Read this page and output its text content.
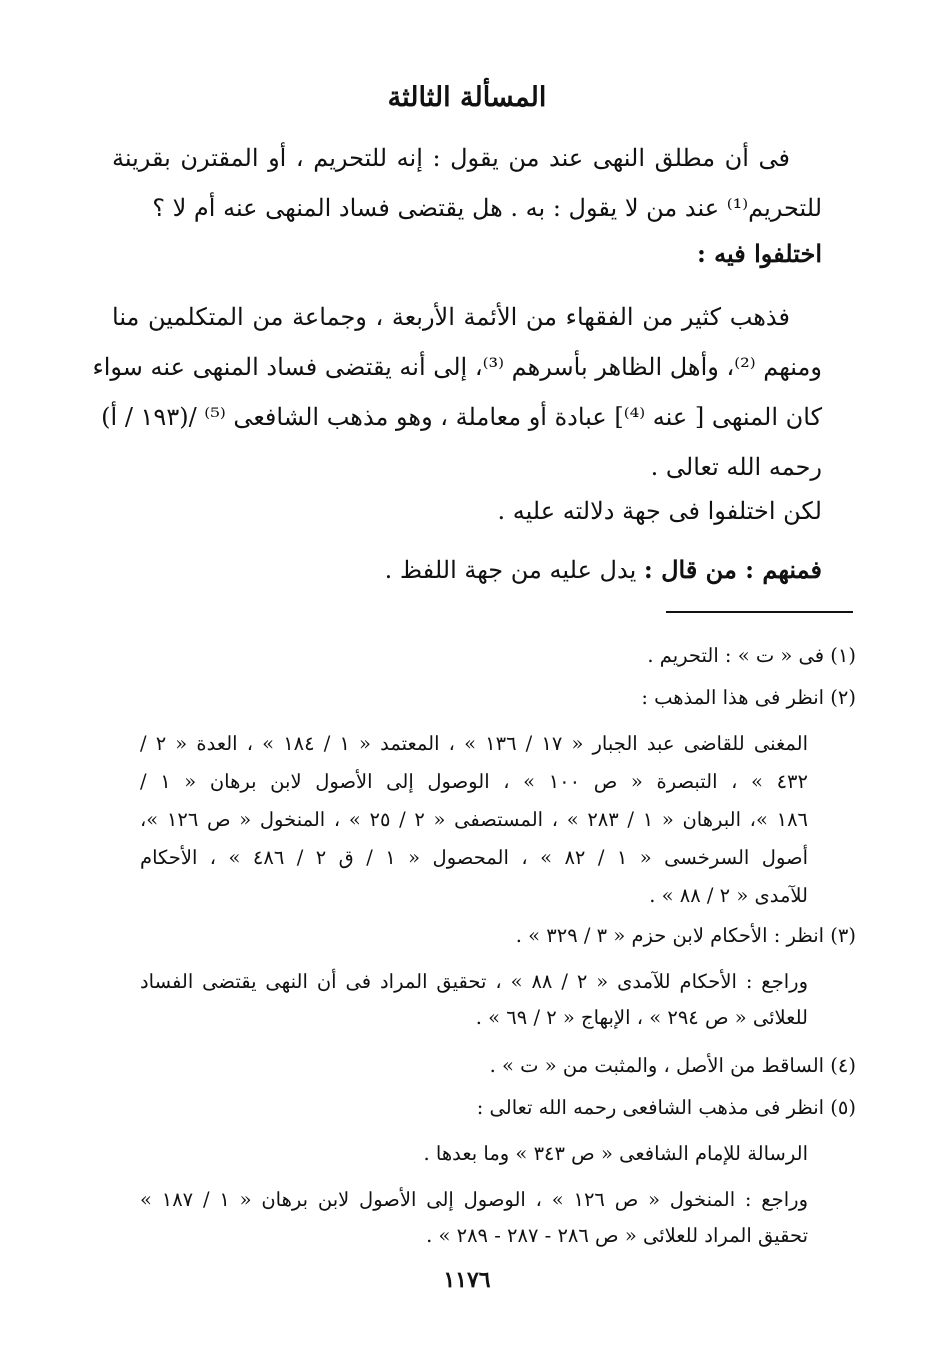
المسألة الثالثة
فى أن مطلق النهى عند من يقول : إنه للتحريم ، أو المقترن بقرينة
للتحريم⁽¹⁾ عند من لا يقول : به . هل يقتضى فساد المنهى عنه أم لا ؟
اختلفوا فيه :
فذهب كثير من الفقهاء من الأئمة الأربعة ، وجماعة من المتكلمين منا
ومنهم ⁽²⁾، وأهل الظاهر بأسرهم ⁽³⁾، إلى أنه يقتضى فساد المنهى عنه سواء
كان المنهى [ عنه ⁽⁴⁾] عبادة أو معاملة ، وهو مذهب الشافعى ⁽⁵⁾ /(١٩٣ / أ)
رحمه الله تعالى .
لكن اختلفوا فى جهة دلالته عليه .
فمنهم : من قال : يدل عليه من جهة اللفظ .
(١) فى « ت » : التحريم .
(٢) انظر فى هذا المذهب :
المغنى للقاضى عبد الجبار « ١٧ / ١٣٦ » ، المعتمد « ١ / ١٨٤ » ، العدة « ٢ /
٤٣٢ » ، التبصرة « ص ١٠٠ » ، الوصول إلى الأصول لابن برهان « ١ /
١٨٦ »، البرهان « ١ / ٢٨٣ » ، المستصفى « ٢ / ٢٥ » ، المنخول « ص ١٢٦ »،
أصول السرخسى « ١ / ٨٢ » ، المحصول « ١ / ق ٢ / ٤٨٦ » ، الأحكام
للآمدى « ٢ / ٨٨ » .
(٣) انظر : الأحكام لابن حزم « ٣ / ٣٢٩ » .
وراجع : الأحكام للآمدى « ٢ / ٨٨ » ، تحقيق المراد فى أن النهى يقتضى الفساد
للعلائى « ص ٢٩٤ » ، الإبهاج « ٢ / ٦٩ » .
(٤) الساقط من الأصل ، والمثبت من « ت » .
(٥) انظر فى مذهب الشافعى رحمه الله تعالى :
الرسالة للإمام الشافعى « ص ٣٤٣ » وما بعدها .
وراجع : المنخول « ص ١٢٦ » ، الوصول إلى الأصول لابن برهان « ١ / ١٨٧ »
تحقيق المراد للعلائى « ص ٢٨٦ - ٢٨٧ - ٢٨٩ » .
١١٧٦
